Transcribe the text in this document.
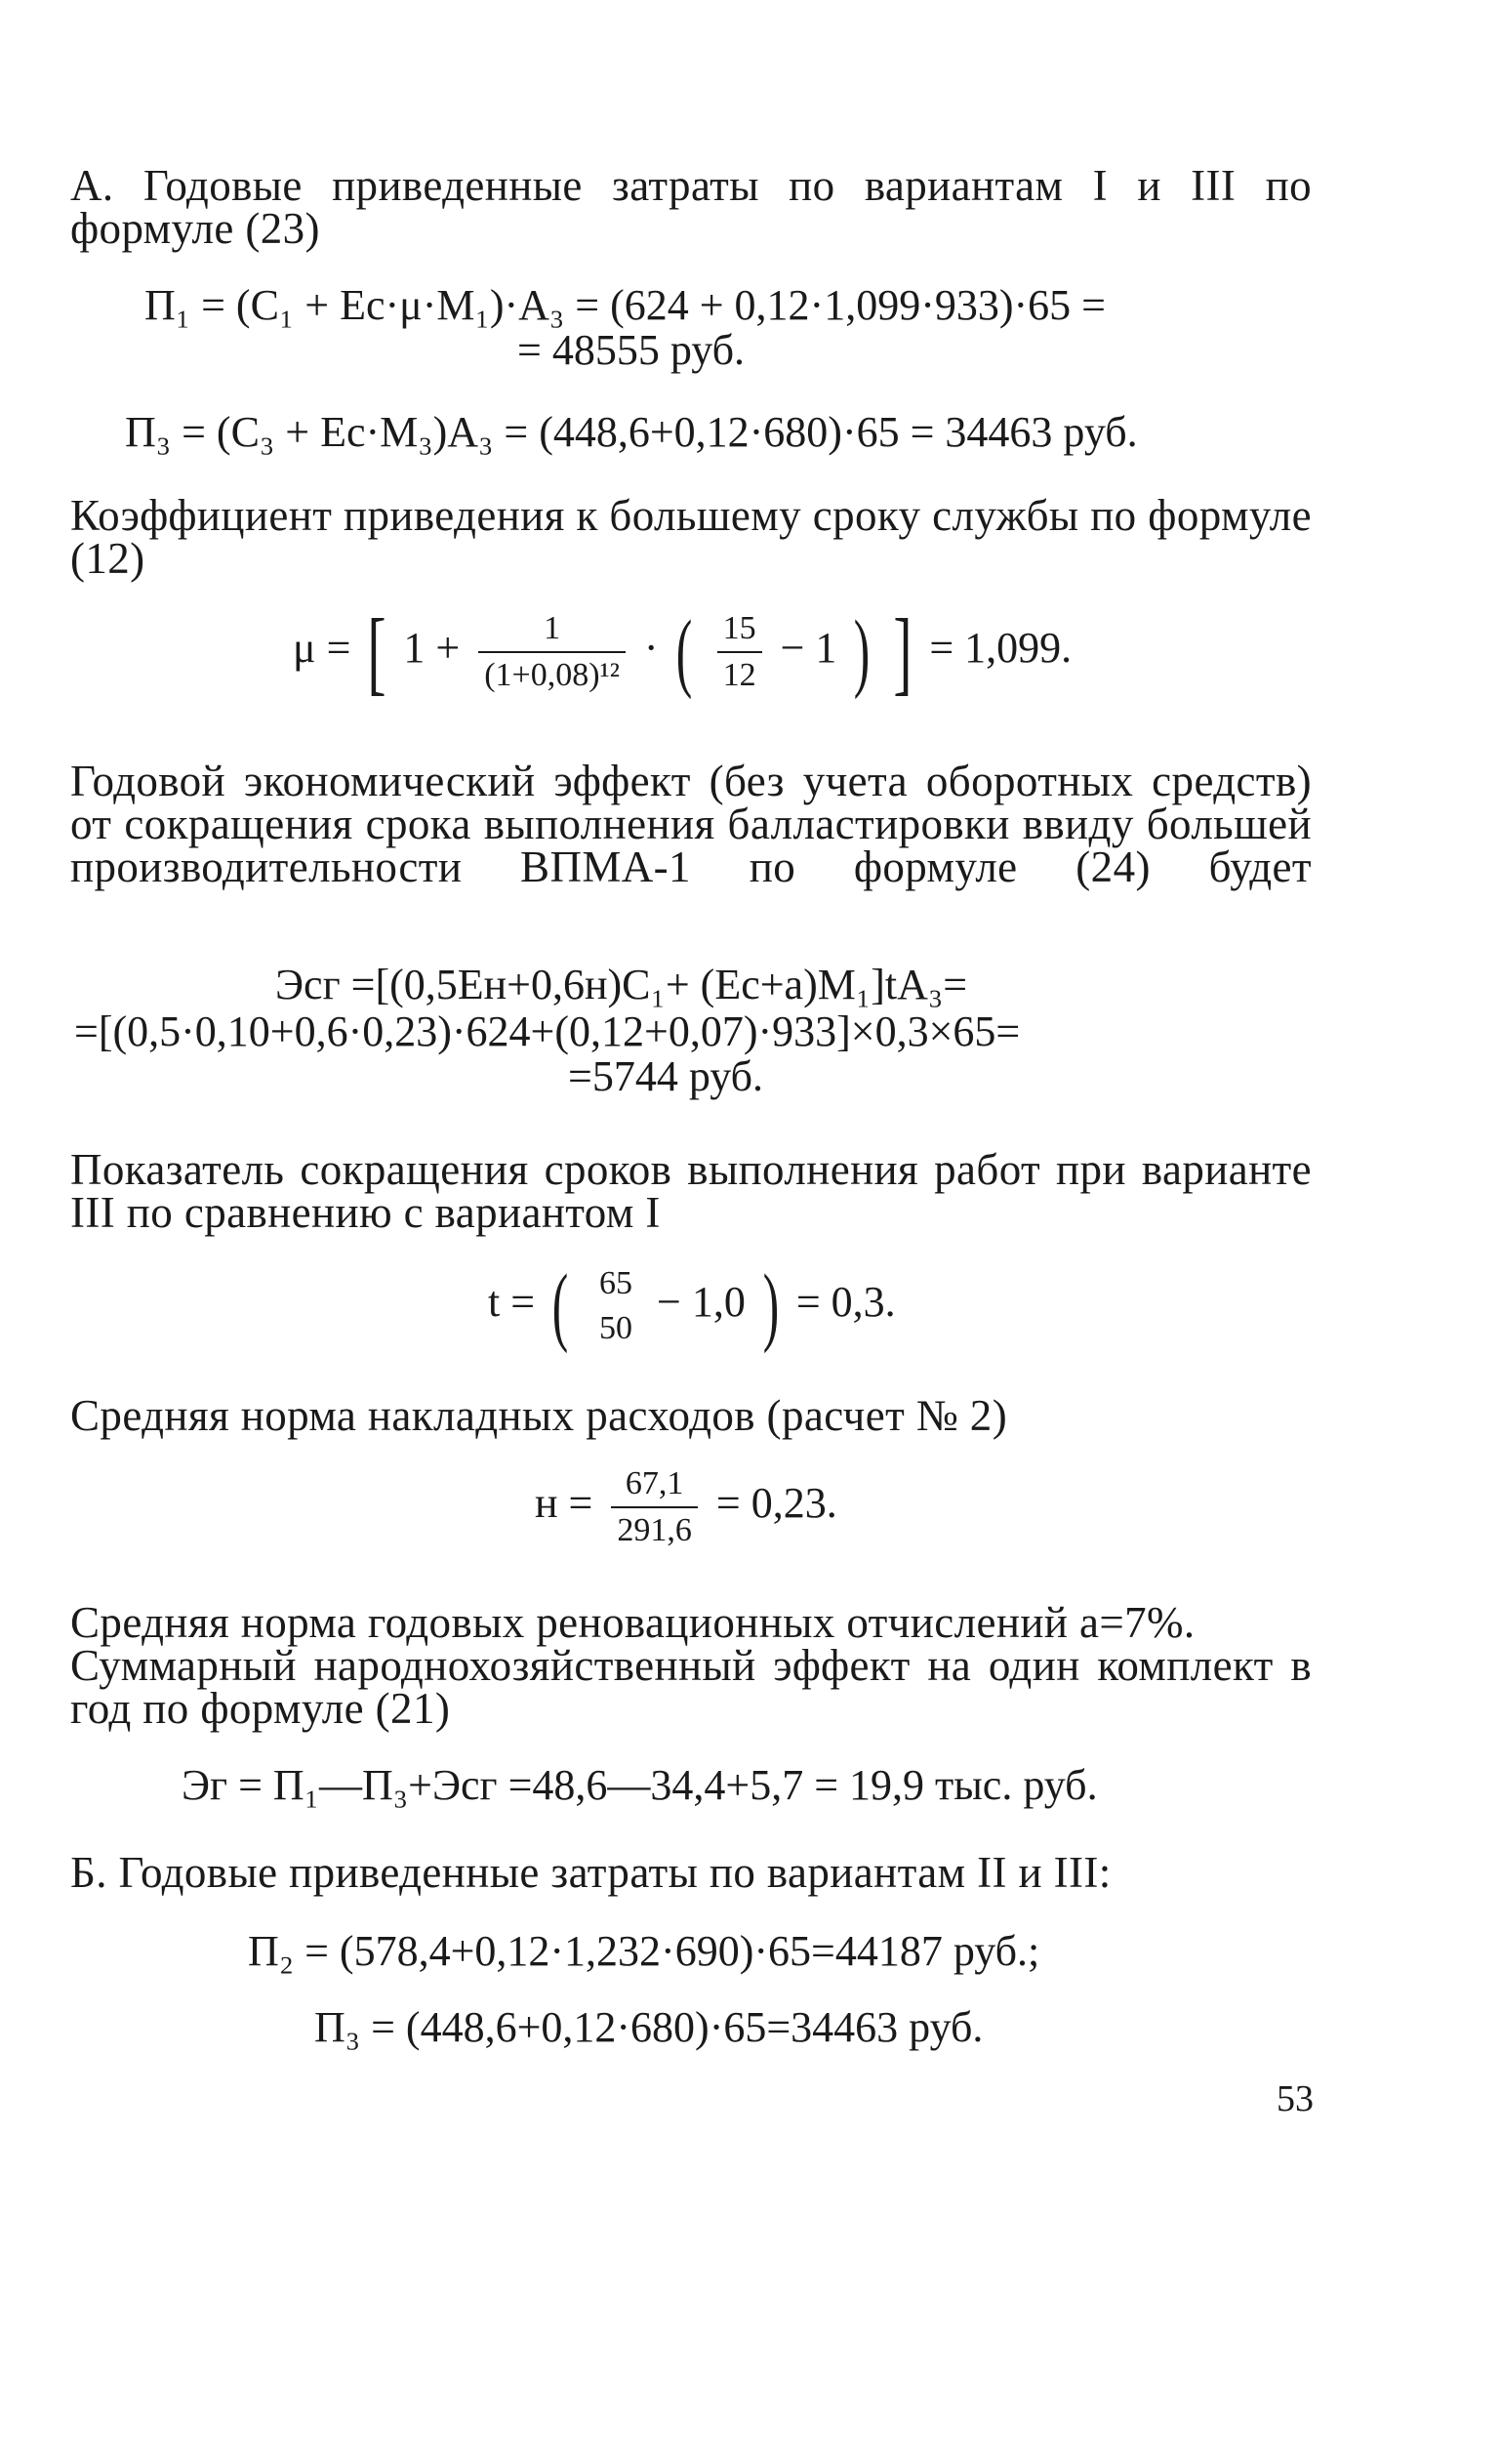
А. Годовые приведенные затраты по вариантам I и III по формуле (23)

П₁ = (С₁ + Ес·μ·М₁)·А₃ = (624 + 0,12·1,099·933)·65 =
= 48555 руб.
П₃ = (С₃ + Ес·М₃)А₃ = (448,6+0,12·680)·65 = 34463 руб.

Коэффициент приведения к большему сроку службы по формуле (12)

μ = [ $1 + \frac{1}{\text{(1+0,08)¹²}}$ · ( $\frac{15}{12} - 1$ ) ] = 1,099.

Годовой экономический эффект (без учета оборотных средств) от сокращения срока выполнения балластировки ввиду большей производительности ВПМА-1 по формуле (24) будет

Эсг =[(0,5Ен+0,6н)С₁+ (Ес+a)М₁]tА₃=
=[(0,5·0,10+0,6·0,23)·624+(0,12+0,07)·933]×0,3×65=
=5744 руб.

Показатель сокращения сроков выполнения работ при варианте III по сравнению с вариантом I

t = ( 65
50
− 1,0 ) = 0,3.

Средняя норма накладных расходов (расчет № 2)

$н = \frac{67,1}{291,6} = 0,23$.

Средняя норма годовых реновационных отчислений a=7%.

Суммарный народнохозяйственный эффект на один комплект в год по формуле (21)

Эг = П₁—П₃+Эсг =48,6—34,4+5,7 = 19,9 тыс. руб.

Б. Годовые приведенные затраты по вариантам II и III:

П₂ = (578,4+0,12·1,232·690)·65=44187 руб.;
П₃ = (448,6+0,12·680)·65=34463 руб.
53
